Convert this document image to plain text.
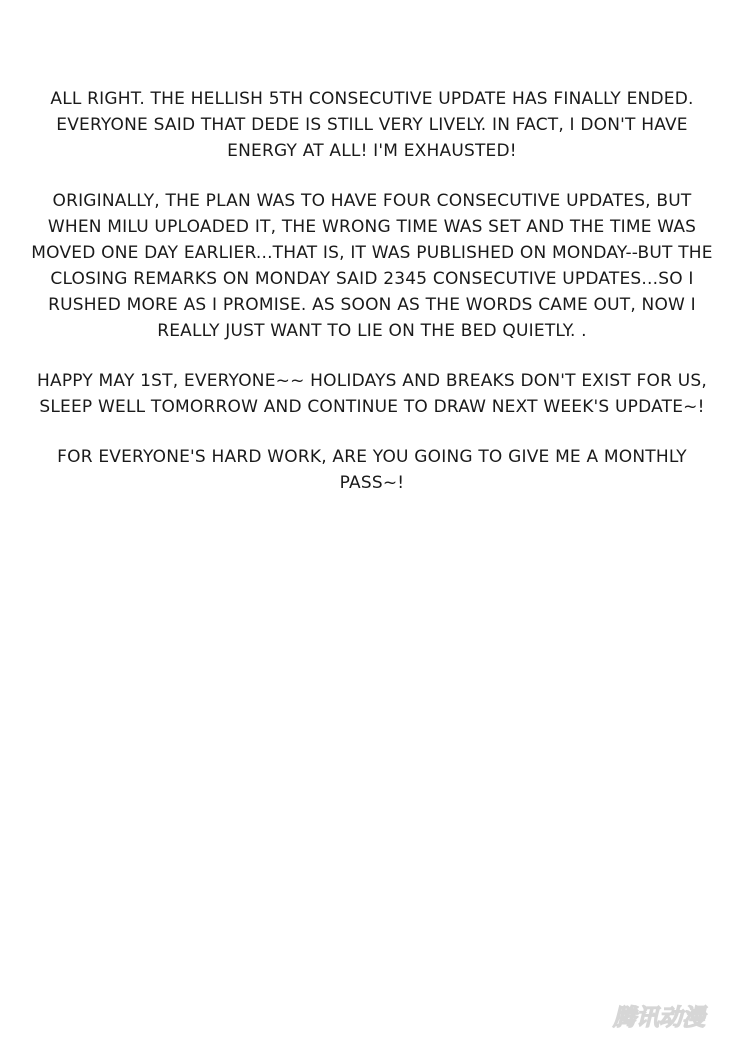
ALL RIGHT. THE HELLISH 5TH CONSECUTIVE UPDATE HAS FINALLY ENDED. EVERYONE SAID THAT DEDE IS STILL VERY LIVELY. IN FACT, I DON'T HAVE ENERGY AT ALL! I'M EXHAUSTED!

ORIGINALLY, THE PLAN WAS TO HAVE FOUR CONSECUTIVE UPDATES, BUT WHEN MILU UPLOADED IT, THE WRONG TIME WAS SET AND THE TIME WAS MOVED ONE DAY EARLIER...THAT IS, IT WAS PUBLISHED ON MONDAY--BUT THE CLOSING REMARKS ON MONDAY SAID 2345 CONSECUTIVE UPDATES...SO I RUSHED MORE AS I PROMISE. AS SOON AS THE WORDS CAME OUT, NOW I REALLY JUST WANT TO LIE ON THE BED QUIETLY. .

HAPPY MAY 1ST, EVERYONE~~ HOLIDAYS AND BREAKS DON'T EXIST FOR US, SLEEP WELL TOMORROW AND CONTINUE TO DRAW NEXT WEEK'S UPDATE~!

FOR EVERYONE'S HARD WORK, ARE YOU GOING TO GIVE ME A MONTHLY PASS~!

腾讯动漫
